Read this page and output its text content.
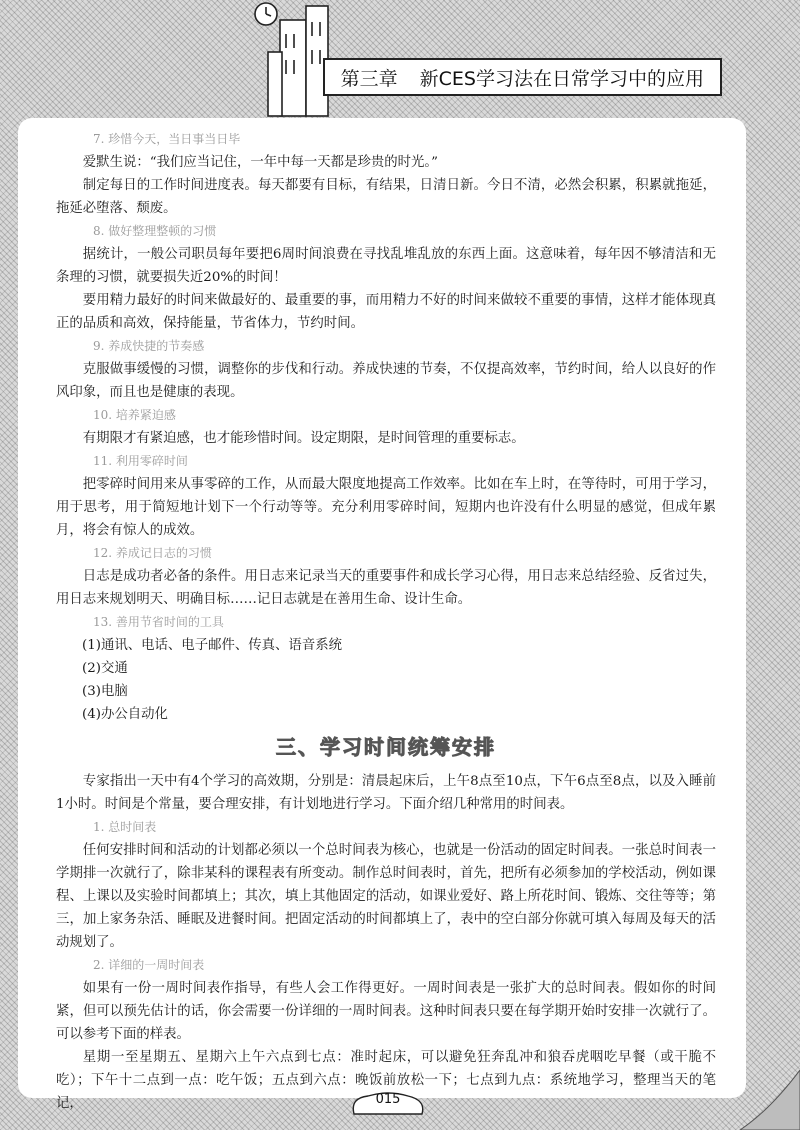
第三章 新CES学习法在日常学习中的应用
7. 珍惜今天，当日事当日毕
爱默生说：“我们应当记住，一年中每一天都是珍贵的时光。”
制定每日的工作时间进度表。每天都要有目标，有结果，日清日新。今日不清，必然会积累，积累就拖延，拖延必堕落、颓废。
8. 做好整理整顿的习惯
据统计，一般公司职员每年要把6周时间浪费在寻找乱堆乱放的东西上面。这意味着，每年因不够清洁和无条理的习惯，就要损失近20%的时间！
要用精力最好的时间来做最好的、最重要的事，而用精力不好的时间来做较不重要的事情，这样才能体现真正的品质和高效，保持能量，节省体力，节约时间。
9. 养成快捷的节奏感
克服做事缓慢的习惯，调整你的步伐和行动。养成快速的节奏，不仅提高效率，节约时间，给人以良好的作风印象，而且也是健康的表现。
10. 培养紧迫感
有期限才有紧迫感，也才能珍惜时间。设定期限，是时间管理的重要标志。
11. 利用零碎时间
把零碎时间用来从事零碎的工作，从而最大限度地提高工作效率。比如在车上时，在等待时，可用于学习，用于思考，用于简短地计划下一个行动等等。充分利用零碎时间，短期内也许没有什么明显的感觉，但成年累月，将会有惊人的成效。
12. 养成记日志的习惯
日志是成功者必备的条件。用日志来记录当天的重要事件和成长学习心得，用日志来总结经验、反省过失，用日志来规划明天、明确目标……记日志就是在善用生命、设计生命。
13. 善用节省时间的工具
(1)通讯、电话、电子邮件、传真、语音系统
(2)交通
(3)电脑
(4)办公自动化
三、学习时间统筹安排
专家指出一天中有4个学习的高效期，分别是：清晨起床后，上午8点至10点，下午6点至8点，以及入睡前1小时。时间是个常量，要合理安排，有计划地进行学习。下面介绍几种常用的时间表。
1. 总时间表
任何安排时间和活动的计划都必须以一个总时间表为核心，也就是一份活动的固定时间表。一张总时间表一学期排一次就行了，除非某科的课程表有所变动。制作总时间表时，首先，把所有必须参加的学校活动，例如课程、上课以及实验时间都填上；其次，填上其他固定的活动，如课业爱好、路上所花时间、锻炼、交往等等；第三，加上家务杂活、睡眠及进餐时间。把固定活动的时间都填上了，表中的空白部分你就可填入每周及每天的活动规划了。
2. 详细的一周时间表
如果有一份一周时间表作指导，有些人会工作得更好。一周时间表是一张扩大的总时间表。假如你的时间紧，但可以预先估计的话，你会需要一份详细的一周时间表。这种时间表只要在每学期开始时安排一次就行了。可以参考下面的样表。
星期一至星期五、星期六上午六点到七点：准时起床，可以避免狂奔乱冲和狼吞虎咽吃早餐（或干脆不吃）；下午十二点到一点：吃午饭；五点到六点：晚饭前放松一下；七点到九点：系统地学习，整理当天的笔记，	015
